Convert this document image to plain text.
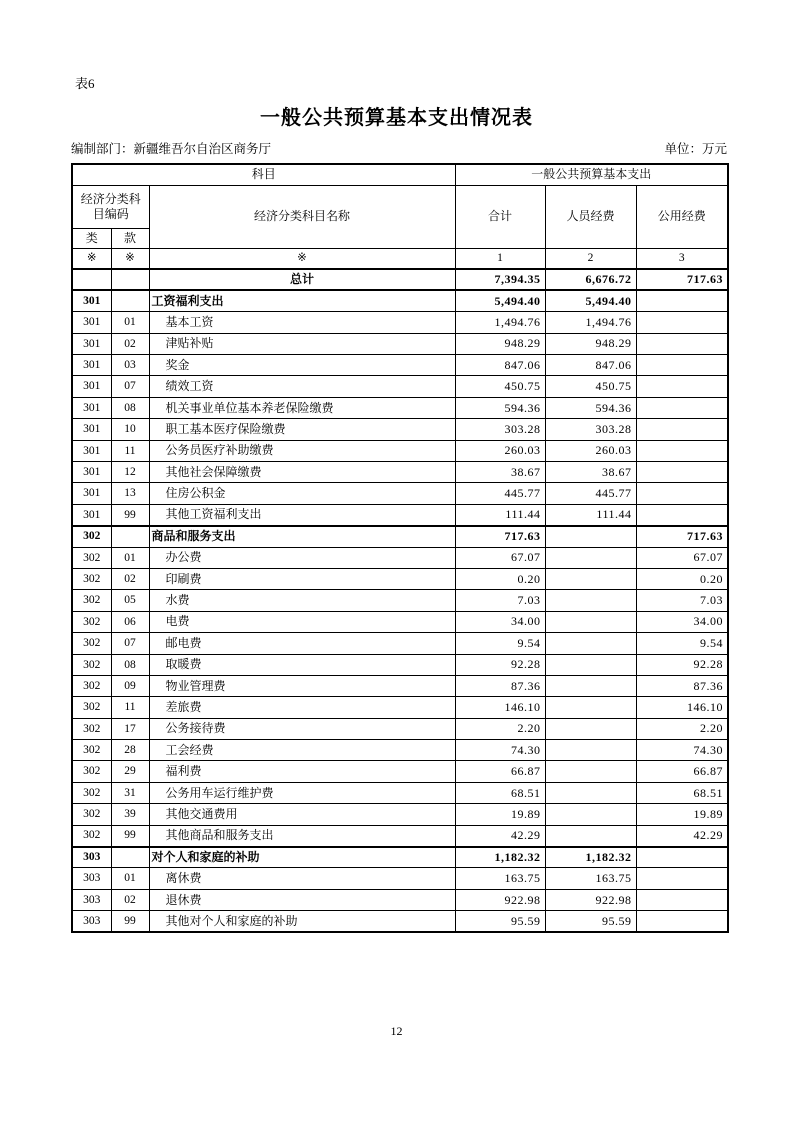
表6
一般公共预算基本支出情况表
编制部门：新疆维吾尔自治区商务厅	单位：万元
科目			一般公共预算基本支出		
经济分类科目编码		经济分类科目名称	合计	人员经费	公用经费
类	款				
※	※	※	1	2	3
		总计	7,394.35	6,676.72	717.63
301		工资福利支出	5,494.40	5,494.40	
301	01	基本工资	1,494.76	1,494.76	
301	02	津贴补贴	948.29	948.29	
301	03	奖金	847.06	847.06	
301	07	绩效工资	450.75	450.75	
301	08	机关事业单位基本养老保险缴费	594.36	594.36	
301	10	职工基本医疗保险缴费	303.28	303.28	
301	11	公务员医疗补助缴费	260.03	260.03	
301	12	其他社会保障缴费	38.67	38.67	
301	13	住房公积金	445.77	445.77	
301	99	其他工资福利支出	111.44	111.44	
302		商品和服务支出	717.63		717.63
302	01	办公费	67.07		67.07
302	02	印刷费	0.20		0.20
302	05	水费	7.03		7.03
302	06	电费	34.00		34.00
302	07	邮电费	9.54		9.54
302	08	取暖费	92.28		92.28
302	09	物业管理费	87.36		87.36
302	11	差旅费	146.10		146.10
302	17	公务接待费	2.20		2.20
302	28	工会经费	74.30		74.30
302	29	福利费	66.87		66.87
302	31	公务用车运行维护费	68.51		68.51
302	39	其他交通费用	19.89		19.89
302	99	其他商品和服务支出	42.29		42.29
303		对个人和家庭的补助	1,182.32	1,182.32	
303	01	离休费	163.75	163.75	
303	02	退休费	922.98	922.98	
303	99	其他对个人和家庭的补助	95.59	95.59	
12
